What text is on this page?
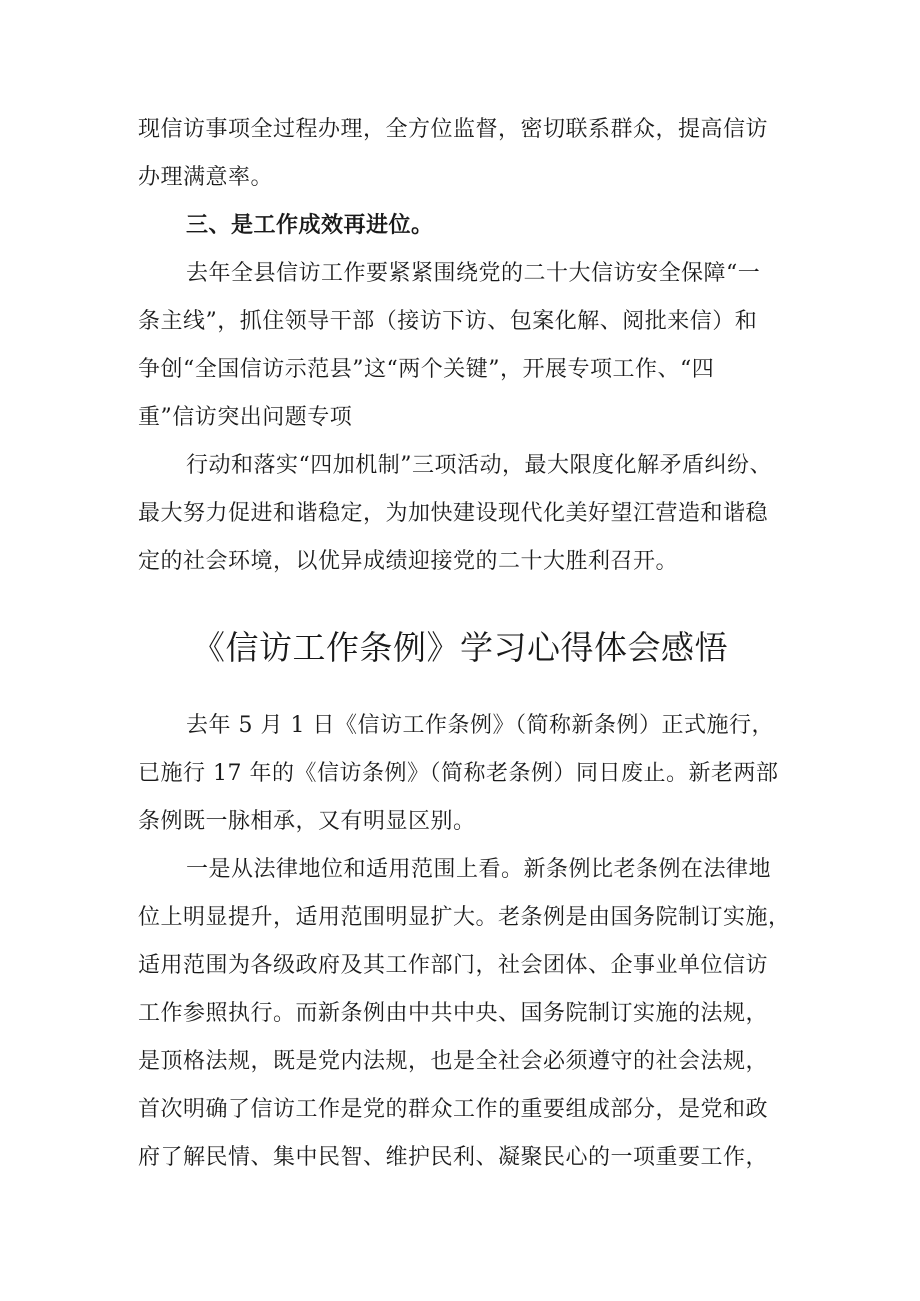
现信访事项全过程办理，全方位监督，密切联系群众，提高信访
办理满意率。
三、是工作成效再进位。
去年全县信访工作要紧紧围绕党的二十大信访安全保障“一
条主线”，抓住领导干部（接访下访、包案化解、阅批来信）和
争创“全国信访示范县”这“两个关键”，开展专项工作、“四
重”信访突出问题专项
行动和落实“四加机制”三项活动，最大限度化解矛盾纠纷、
最大努力促进和谐稳定，为加快建设现代化美好望江营造和谐稳
定的社会环境，以优异成绩迎接党的二十大胜利召开。
《信访工作条例》学习心得体会感悟
去年 5 月 1 日《信访工作条例》（简称新条例）正式施行，
已施行 17 年的《信访条例》（简称老条例）同日废止。新老两部
条例既一脉相承，又有明显区别。
一是从法律地位和适用范围上看。新条例比老条例在法律地
位上明显提升，适用范围明显扩大。老条例是由国务院制订实施，
适用范围为各级政府及其工作部门，社会团体、企事业单位信访
工作参照执行。而新条例由中共中央、国务院制订实施的法规，
是顶格法规，既是党内法规，也是全社会必须遵守的社会法规，
首次明确了信访工作是党的群众工作的重要组成部分，是党和政
府了解民情、集中民智、维护民利、凝聚民心的一项重要工作，
